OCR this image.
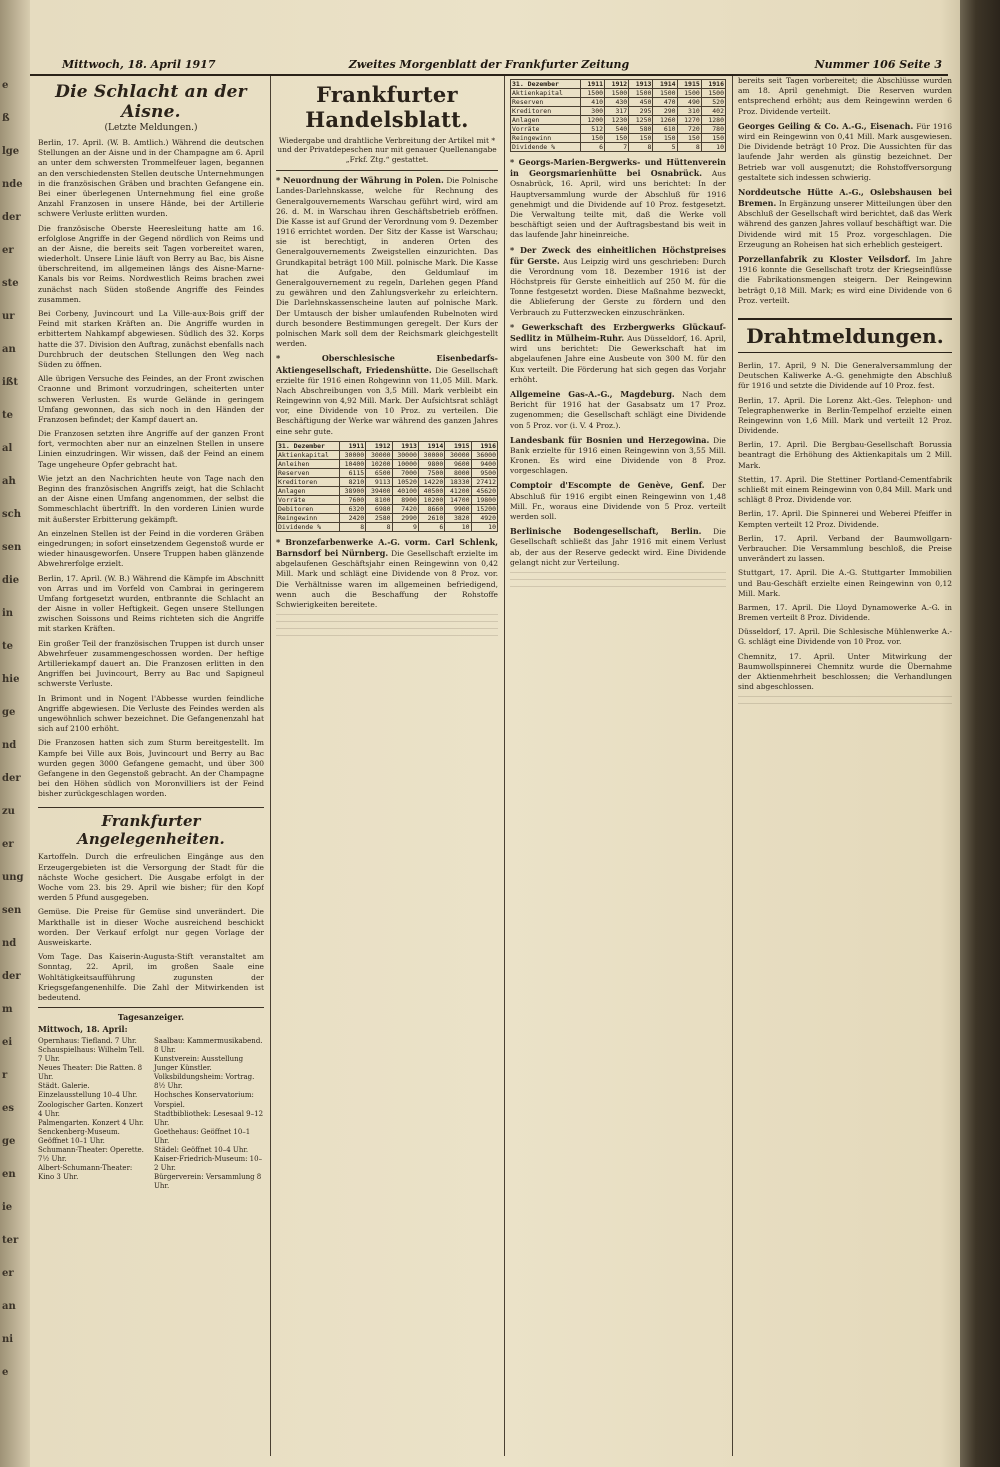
e
ß
lge
nde
der
er
ste
ur
an
ißt
te
al
ah
sch
sen
die
in
te
hie
ge
nd
der
zu
er
ung
sen
nd
der
m
ei
r
es
ge
en
ie
ter
er
an
ni
e
Mittwoch, 18. April 1917	Zweites Morgenblatt der Frankfurter Zeitung	Nummer 106 Seite 3
Die Schlacht an der Aisne.
(Letzte Meldungen.)
Berlin, 17. April. (W. B. Amtlich.) Während die deutschen Stellungen an der Aisne und in der Champagne am 6. April an unter dem schwersten Trommelfeuer lagen, begannen an den verschiedensten Stellen deutsche Unternehmungen in die französischen Gräben und brachten Gefangene ein. Bei einer überlegenen Unternehmung fiel eine große Anzahl Franzosen in unsere Hände, bei der Artillerie schwere Verluste erlitten wurden.
Die französische Oberste Heeresleitung hatte am 16. erfolglose Angriffe in der Gegend nördlich von Reims und an der Aisne, die bereits seit Tagen vorbereitet waren, wiederholt. Unsere Linie läuft von Berry au Bac, bis Aisne überschreitend, im allgemeinen längs des Aisne-Marne-Kanals bis vor Reims. Nordwestlich Reims brachen zwei zunächst nach Süden stoßende Angriffe des Feindes zusammen.
Bei Corbeny, Juvincourt und La Ville-aux-Bois griff der Feind mit starken Kräften an. Die Angriffe wurden in erbittertem Nahkampf abgewiesen. Südlich des 32. Korps hatte die 37. Division den Auftrag, zunächst ebenfalls nach Durchbruch der deutschen Stellungen den Weg nach Süden zu öffnen.
Alle übrigen Versuche des Feindes, an der Front zwischen Craonne und Brimont vorzudringen, scheiterten unter schweren Verlusten. Es wurde Gelände in geringem Umfang gewonnen, das sich noch in den Händen der Franzosen befindet; der Kampf dauert an.
Die Franzosen setzten ihre Angriffe auf der ganzen Front fort, vermochten aber nur an einzelnen Stellen in unsere Linien einzudringen. Wir wissen, daß der Feind an einem Tage ungeheure Opfer gebracht hat.
Wie jetzt an den Nachrichten heute von Tage nach den Beginn des französischen Angriffs zeigt, hat die Schlacht an der Aisne einen Umfang angenommen, der selbst die Sommeschlacht übertrifft. In den vorderen Linien wurde mit äußerster Erbitterung gekämpft.
An einzelnen Stellen ist der Feind in die vorderen Gräben eingedrungen; in sofort einsetzendem Gegenstoß wurde er wieder hinausgeworfen. Unsere Truppen haben glänzende Abwehrerfolge erzielt.
Berlin, 17. April. (W. B.) Während die Kämpfe im Abschnitt von Arras und im Vorfeld von Cambrai in geringerem Umfang fortgesetzt wurden, entbrannte die Schlacht an der Aisne in voller Heftigkeit. Gegen unsere Stellungen zwischen Soissons und Reims richteten sich die Angriffe mit starken Kräften.
Ein großer Teil der französischen Truppen ist durch unser Abwehrfeuer zusammengeschossen worden. Der heftige Artilleriekampf dauert an. Die Franzosen erlitten in den Angriffen bei Juvincourt, Berry au Bac und Sapigneul schwerste Verluste.
In Brimont und in Nogent l'Abbesse wurden feindliche Angriffe abgewiesen. Die Verluste des Feindes werden als ungewöhnlich schwer bezeichnet. Die Gefangenenzahl hat sich auf 2100 erhöht.
Die Franzosen hatten sich zum Sturm bereitgestellt. Im Kampfe bei Ville aux Bois, Juvincourt und Berry au Bac wurden gegen 3000 Gefangene gemacht, und über 300 Gefangene in den Gegenstoß gebracht. An der Champagne bei den Höhen südlich von Moronvilliers ist der Feind bisher zurückgeschlagen worden.
Frankfurter Angelegenheiten.
Kartoffeln. Durch die erfreulichen Eingänge aus den Erzeugergebieten ist die Versorgung der Stadt für die nächste Woche gesichert. Die Ausgabe erfolgt in der Woche vom 23. bis 29. April wie bisher; für den Kopf werden 5 Pfund ausgegeben.
Gemüse. Die Preise für Gemüse sind unverändert. Die Markthalle ist in dieser Woche ausreichend beschickt worden. Der Verkauf erfolgt nur gegen Vorlage der Ausweiskarte.
Vom Tage. Das Kaiserin-Augusta-Stift veranstaltet am Sonntag, 22. April, im großen Saale eine Wohltätigkeitsaufführung zugunsten der Kriegsgefangenenhilfe. Die Zahl der Mitwirkenden ist bedeutend.
Tagesanzeiger.
Mittwoch, 18. April:
Opernhaus: Tiefland. 7 Uhr.
Schauspielhaus: Wilhelm Tell. 7 Uhr.
Neues Theater: Die Ratten. 8 Uhr.
Städt. Galerie. Einzelausstellung 10–4 Uhr.
Zoologischer Garten. Konzert 4 Uhr.
Palmengarten. Konzert 4 Uhr.
Senckenberg-Museum. Geöffnet 10–1 Uhr.
Schumann-Theater: Operette. 7½ Uhr.
Albert-Schumann-Theater: Kino 3 Uhr.
Saalbau: Kammermusikabend. 8 Uhr.
Kunstverein: Ausstellung Junger Künstler.
Volksbildungsheim: Vortrag. 8½ Uhr.
Hochsches Konservatorium: Vorspiel.
Stadtbibliothek: Lesesaal 9–12 Uhr.
Goethehaus: Geöffnet 10–1 Uhr.
Städel: Geöffnet 10–4 Uhr.
Kaiser-Friedrich-Museum: 10–2 Uhr.
Bürgerverein: Versammlung 8 Uhr.
Frankfurter Handelsblatt.
Wiedergabe und drahtliche Verbreitung der Artikel mit * und der Privatdepeschen nur mit genauer Quellenangabe „Frkf. Ztg.“ gestattet.
* Neuordnung der Währung in Polen. Die Polnische Landes-Darlehnskasse, welche für Rechnung des Generalgouvernements Warschau geführt wird, wird am 26. d. M. in Warschau ihren Geschäftsbetrieb eröffnen. Die Kasse ist auf Grund der Verordnung vom 9. Dezember 1916 errichtet worden. Der Sitz der Kasse ist Warschau; sie ist berechtigt, in anderen Orten des Generalgouvernements Zweigstellen einzurichten. Das Grundkapital beträgt 100 Mill. polnische Mark. Die Kasse hat die Aufgabe, den Geldumlauf im Generalgouvernement zu regeln, Darlehen gegen Pfand zu gewähren und den Zahlungsverkehr zu erleichtern. Die Darlehnskassenscheine lauten auf polnische Mark. Der Umtausch der bisher umlaufenden Rubelnoten wird durch besondere Bestimmungen geregelt. Der Kurs der polnischen Mark soll dem der Reichsmark gleichgestellt werden.
* Oberschlesische Eisenbedarfs-Aktiengesellschaft, Friedenshütte. Die Gesellschaft erzielte für 1916 einen Rohgewinn von 11,05 Mill. Mark. Nach Abschreibungen von 3,5 Mill. Mark verbleibt ein Reingewinn von 4,92 Mill. Mark. Der Aufsichtsrat schlägt vor, eine Dividende von 10 Proz. zu verteilen. Die Beschäftigung der Werke war während des ganzen Jahres eine sehr gute.
31. Dezember	1911	1912	1913	1914	1915	1916
Aktienkapital	30000	30000	30000	30000	30000	36000
Anleihen	10400	10200	10000	9800	9600	9400
Reserven	6115	6500	7000	7500	8000	9500
Kreditoren	8210	9113	10520	14220	18330	27412
Anlagen	38900	39400	40100	40500	41200	45620
Vorräte	7600	8100	8900	10200	14700	19800
Debitoren	6320	6980	7420	8660	9900	15200
Reingewinn	2420	2580	2990	2610	3820	4920
Dividende %	8	8	9	6	10	10
* Bronzefarbenwerke A.-G. vorm. Carl Schlenk, Barnsdorf bei Nürnberg. Die Gesellschaft erzielte im abgelaufenen Geschäftsjahr einen Reingewinn von 0,42 Mill. Mark und schlägt eine Dividende von 8 Proz. vor. Die Verhältnisse waren im allgemeinen befriedigend, wenn auch die Beschaffung der Rohstoffe Schwierigkeiten bereitete.
31. Dezember	1911	1912	1913	1914	1915	1916
Aktienkapital	1500	1500	1500	1500	1500	1500
Reserven	410	430	450	470	490	520
Kreditoren	300	317	295	290	310	402
Anlagen	1200	1230	1250	1260	1270	1280
Vorräte	512	540	580	610	720	780
Reingewinn	150	150	150	150	150	150
Dividende %	6	7	8	5	8	10
* Georgs-Marien-Bergwerks- und Hüttenverein in Georgsmarienhütte bei Osnabrück. Aus Osnabrück, 16. April, wird uns berichtet: In der Hauptversammlung wurde der Abschluß für 1916 genehmigt und die Dividende auf 10 Proz. festgesetzt. Die Verwaltung teilte mit, daß die Werke voll beschäftigt seien und der Auftragsbestand bis weit in das laufende Jahr hineinreiche.
* Der Zweck des einheitlichen Höchstpreises für Gerste. Aus Leipzig wird uns geschrieben: Durch die Verordnung vom 18. Dezember 1916 ist der Höchstpreis für Gerste einheitlich auf 250 M. für die Tonne festgesetzt worden. Diese Maßnahme bezweckt, die Ablieferung der Gerste zu fördern und den Verbrauch zu Futterzwecken einzuschränken.
* Gewerkschaft des Erzbergwerks Glückauf-Sedlitz in Mülheim-Ruhr. Aus Düsseldorf, 16. April, wird uns berichtet: Die Gewerkschaft hat im abgelaufenen Jahre eine Ausbeute von 300 M. für den Kux verteilt. Die Förderung hat sich gegen das Vorjahr erhöht.
Allgemeine Gas-A.-G., Magdeburg. Nach dem Bericht für 1916 hat der Gasabsatz um 17 Proz. zugenommen; die Gesellschaft schlägt eine Dividende von 5 Proz. vor (i. V. 4 Proz.).
Landesbank für Bosnien und Herzegowina. Die Bank erzielte für 1916 einen Reingewinn von 3,55 Mill. Kronen. Es wird eine Dividende von 8 Proz. vorgeschlagen.
Comptoir d'Escompte de Genève, Genf. Der Abschluß für 1916 ergibt einen Reingewinn von 1,48 Mill. Fr., woraus eine Dividende von 5 Proz. verteilt werden soll.
Berlinische Bodengesellschaft, Berlin. Die Gesellschaft schließt das Jahr 1916 mit einem Verlust ab, der aus der Reserve gedeckt wird. Eine Dividende gelangt nicht zur Verteilung.
bereits seit Tagen vorbereitet; die Abschlüsse wurden am 18. April genehmigt. Die Reserven wurden entsprechend erhöht; aus dem Reingewinn werden 6 Proz. Dividende verteilt.
Georges Geiling & Co. A.-G., Eisenach. Für 1916 wird ein Reingewinn von 0,41 Mill. Mark ausgewiesen. Die Dividende beträgt 10 Proz. Die Aussichten für das laufende Jahr werden als günstig bezeichnet. Der Betrieb war voll ausgenutzt; die Rohstoffversorgung gestaltete sich indessen schwierig.
Norddeutsche Hütte A.-G., Oslebshausen bei Bremen. In Ergänzung unserer Mitteilungen über den Abschluß der Gesellschaft wird berichtet, daß das Werk während des ganzen Jahres vollauf beschäftigt war. Die Dividende wird mit 15 Proz. vorgeschlagen. Die Erzeugung an Roheisen hat sich erheblich gesteigert.
Porzellanfabrik zu Kloster Veilsdorf. Im Jahre 1916 konnte die Gesellschaft trotz der Kriegseinflüsse die Fabrikationsmengen steigern. Der Reingewinn beträgt 0,18 Mill. Mark; es wird eine Dividende von 6 Proz. verteilt.
Drahtmeldungen.
Berlin, 17. April, 9 N. Die Generalversammlung der Deutschen Kaliwerke A.-G. genehmigte den Abschluß für 1916 und setzte die Dividende auf 10 Proz. fest.
Berlin, 17. April. Die Lorenz Akt.-Ges. Telephon- und Telegraphenwerke in Berlin-Tempelhof erzielte einen Reingewinn von 1,6 Mill. Mark und verteilt 12 Proz. Dividende.
Berlin, 17. April. Die Bergbau-Gesellschaft Borussia beantragt die Erhöhung des Aktienkapitals um 2 Mill. Mark.
Stettin, 17. April. Die Stettiner Portland-Cementfabrik schließt mit einem Reingewinn von 0,84 Mill. Mark und schlägt 8 Proz. Dividende vor.
Berlin, 17. April. Die Spinnerei und Weberei Pfeiffer in Kempten verteilt 12 Proz. Dividende.
Berlin, 17. April. Verband der Baumwollgarn-Verbraucher. Die Versammlung beschloß, die Preise unverändert zu lassen.
Stuttgart, 17. April. Die A.-G. Stuttgarter Immobilien und Bau-Geschäft erzielte einen Reingewinn von 0,12 Mill. Mark.
Barmen, 17. April. Die Lloyd Dynamowerke A.-G. in Bremen verteilt 8 Proz. Dividende.
Düsseldorf, 17. April. Die Schlesische Mühlenwerke A.-G. schlägt eine Dividende von 10 Proz. vor.
Chemnitz, 17. April. Unter Mitwirkung der Baumwollspinnerei Chemnitz wurde die Übernahme der Aktienmehrheit beschlossen; die Verhandlungen sind abgeschlossen.
